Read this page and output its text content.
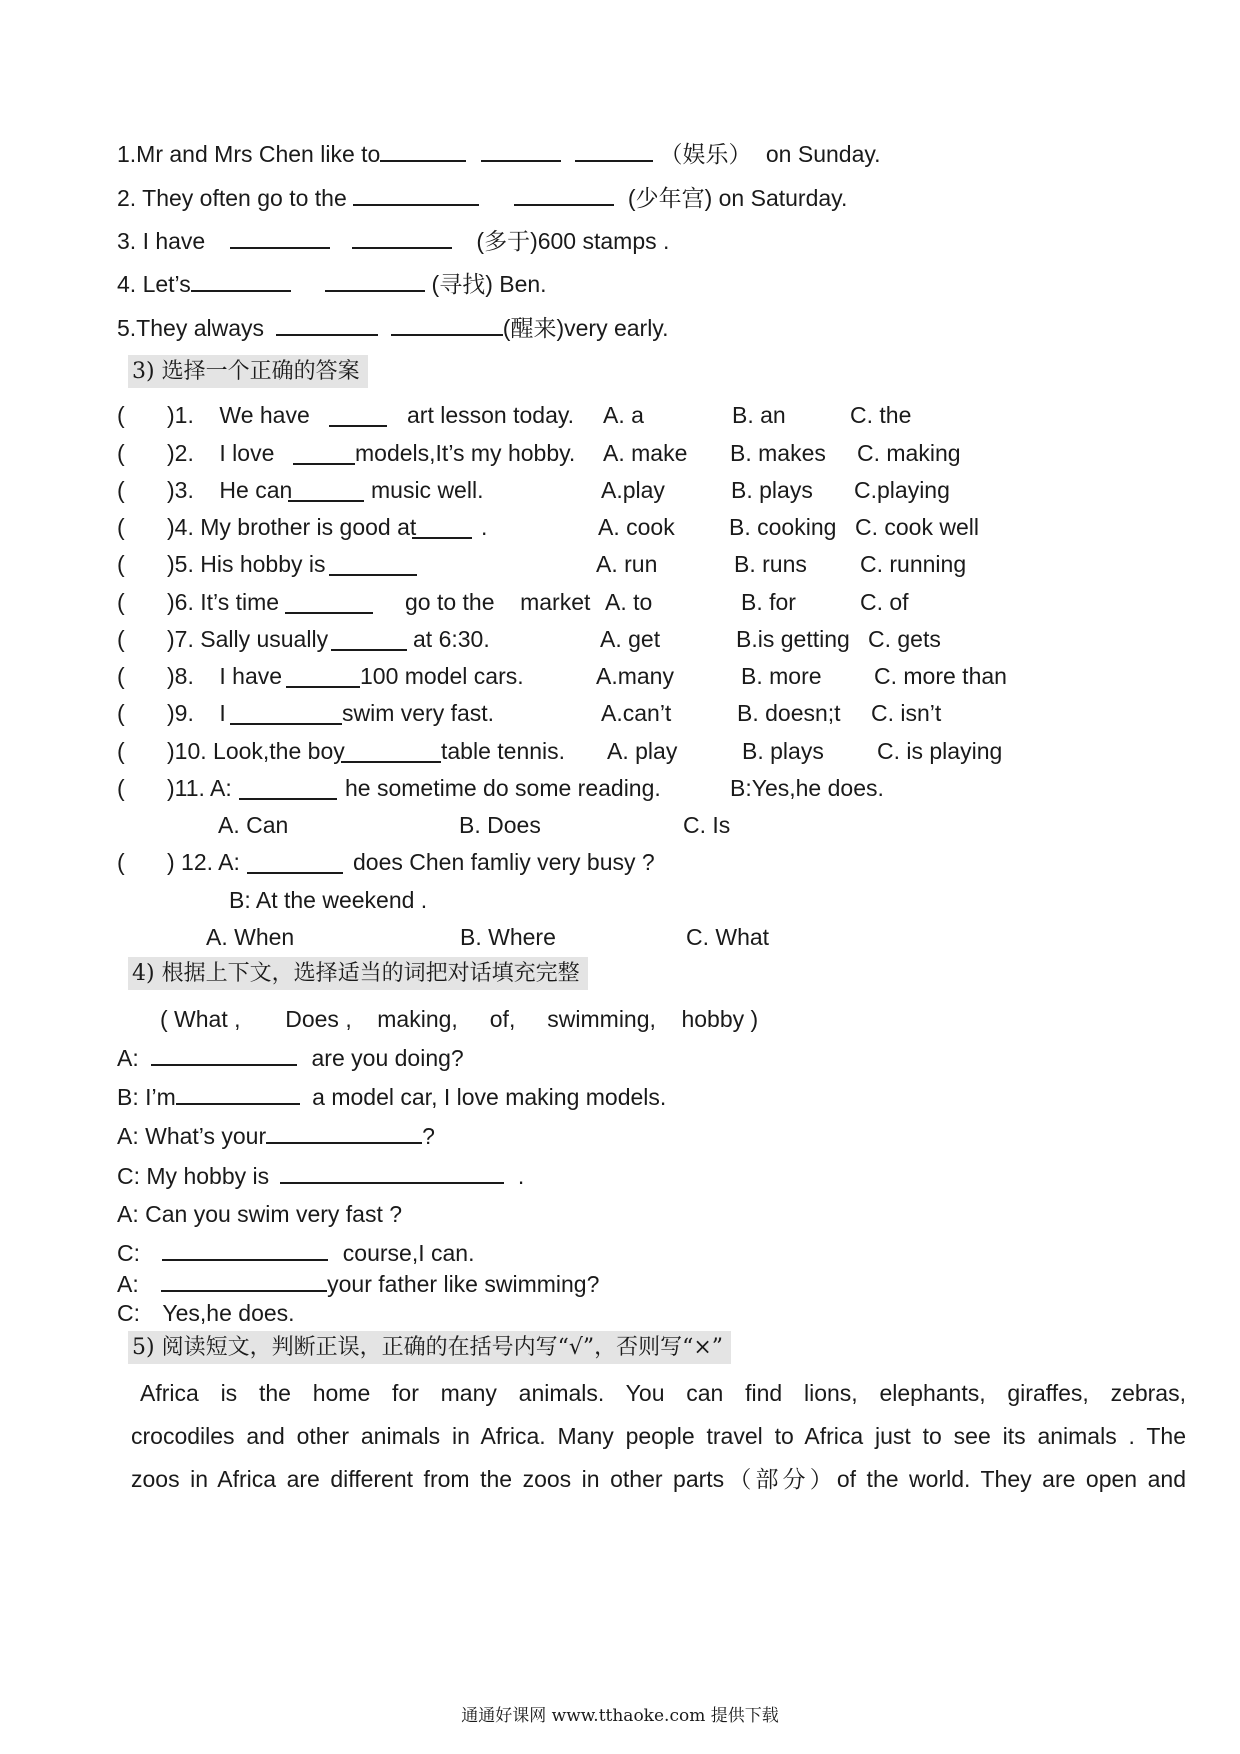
1.Mr and Mrs Chen like to	（娱乐） on Sunday.
2. They often go to the	(少年宫) on Saturday.
3. I have	(多于)600 stamps .
4. Let’s	(寻找) Ben.
5.They always	(醒来)very early.
3) 选择一个正确的答案
( )1.    We have	art lesson today. A. a	B. an	C. the
( )2.    I love	models,It’s my hobby. A. make B. makes C. making
( )3.    He can	music well.	A.play	B. plays C.playing
( )4. My brother is good at	.	A. cook B. cooking C. cook well
( )5. His hobby is	A. run	B. runs C. running
( )6. It’s time	go to the    market A. to	B. for	C. of
( )7. Sally usually	at 6:30.	A. get	B.is getting C. gets
( )8.    I have	100 model cars.	A.many	B. more C. more than
( )9.    I	swim very fast.	A.can’t	B. doesn;t C. isn’t
( )10. Look,the boy	table tennis. A. play	B. plays C. is playing
( )11. A:	he sometime do some reading.	B:Yes,he does.
A. Can	B. Does	C. Is
( ) 12. A:	does Chen famliy very busy ?
B: At the weekend .
A. When	B. Where	C. What
4) 根据上下文，选择适当的词把对话填充完整
( What ,       Does ,    making,     of,     swimming,    hobby )
A:	are you doing?
B: I’m	a model car, I love making models.
A: What’s your	?
C: My hobby is	.
A: Can you swim very fast ?
C:	course,I can.
A:	your father like swimming?
C: Yes,he does.
5) 阅读短文，判断正误，正确的在括号内写“√”，否则写“×”

Africa is the home for many animals. You can find lions, elephants, giraffes, zebras,

crocodiles and other animals in Africa. Many people travel to Africa just to see its animals . The

zoos in Africa are different from the zoos in other parts（部分）of the world. They are open and

通通好课网 www.tthaoke.com 提供下载
